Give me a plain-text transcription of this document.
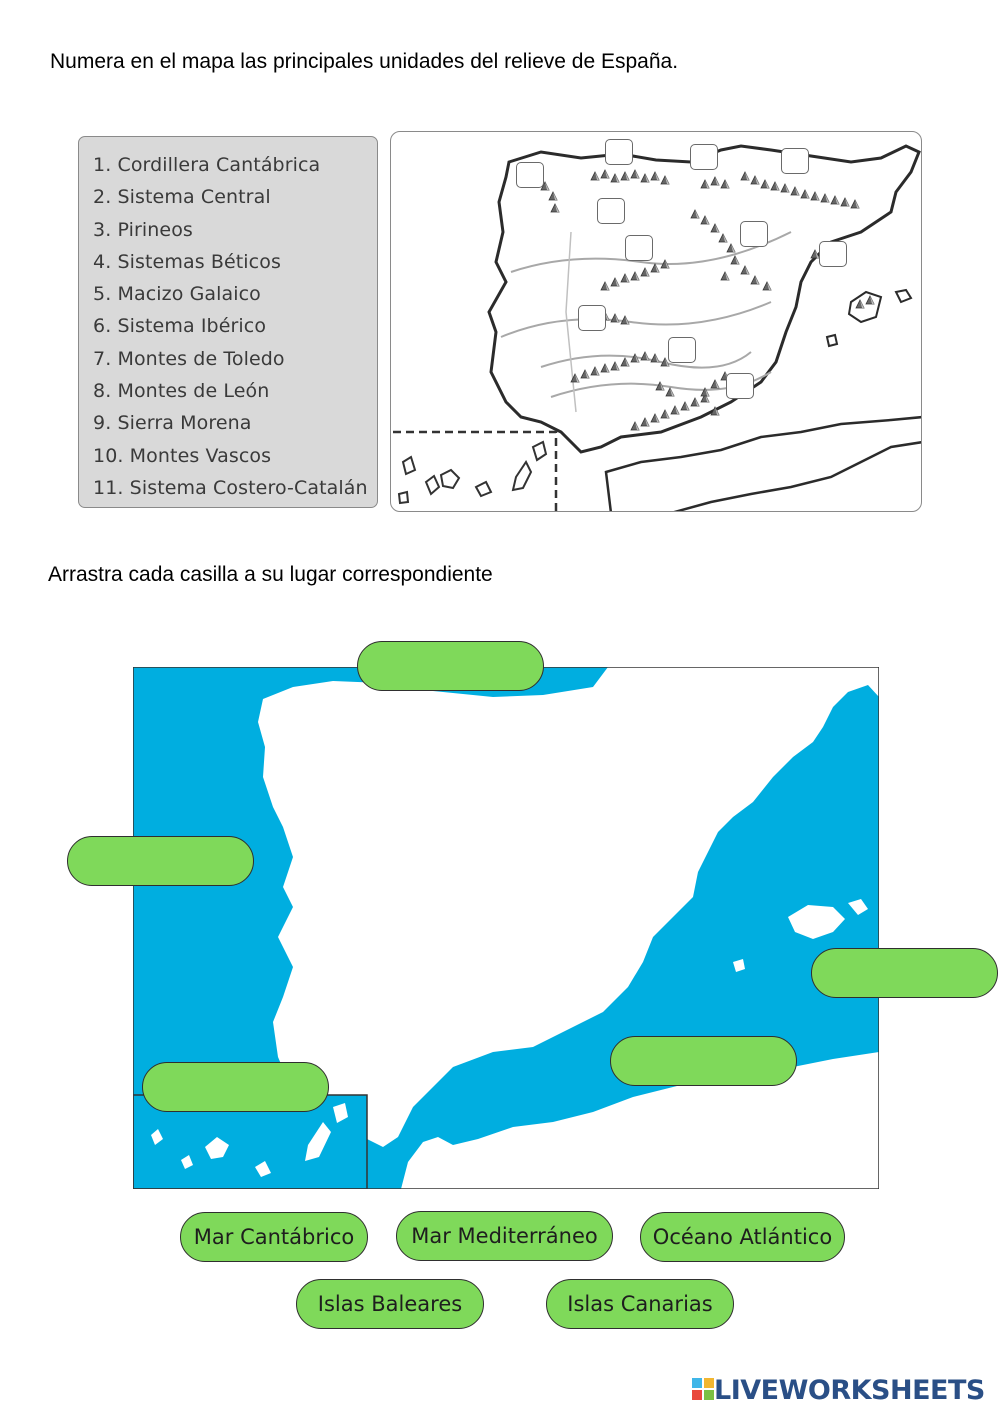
Numera en el mapa las principales unidades del relieve de España.
1. Cordillera Cantábrica
2. Sistema Central
3. Pirineos
4. Sistemas Béticos
5. Macizo Galaico
6. Sistema Ibérico
7. Montes de Toledo
8. Montes de León
9. Sierra Morena
10. Montes Vascos
11. Sistema Costero-Catalán
Arrastra cada casilla a su lugar correspondiente
Mar Cantábrico	Mar Mediterráneo	Océano Atlántico
Islas Baleares	Islas Canarias
LIVEWORKSHEETS
